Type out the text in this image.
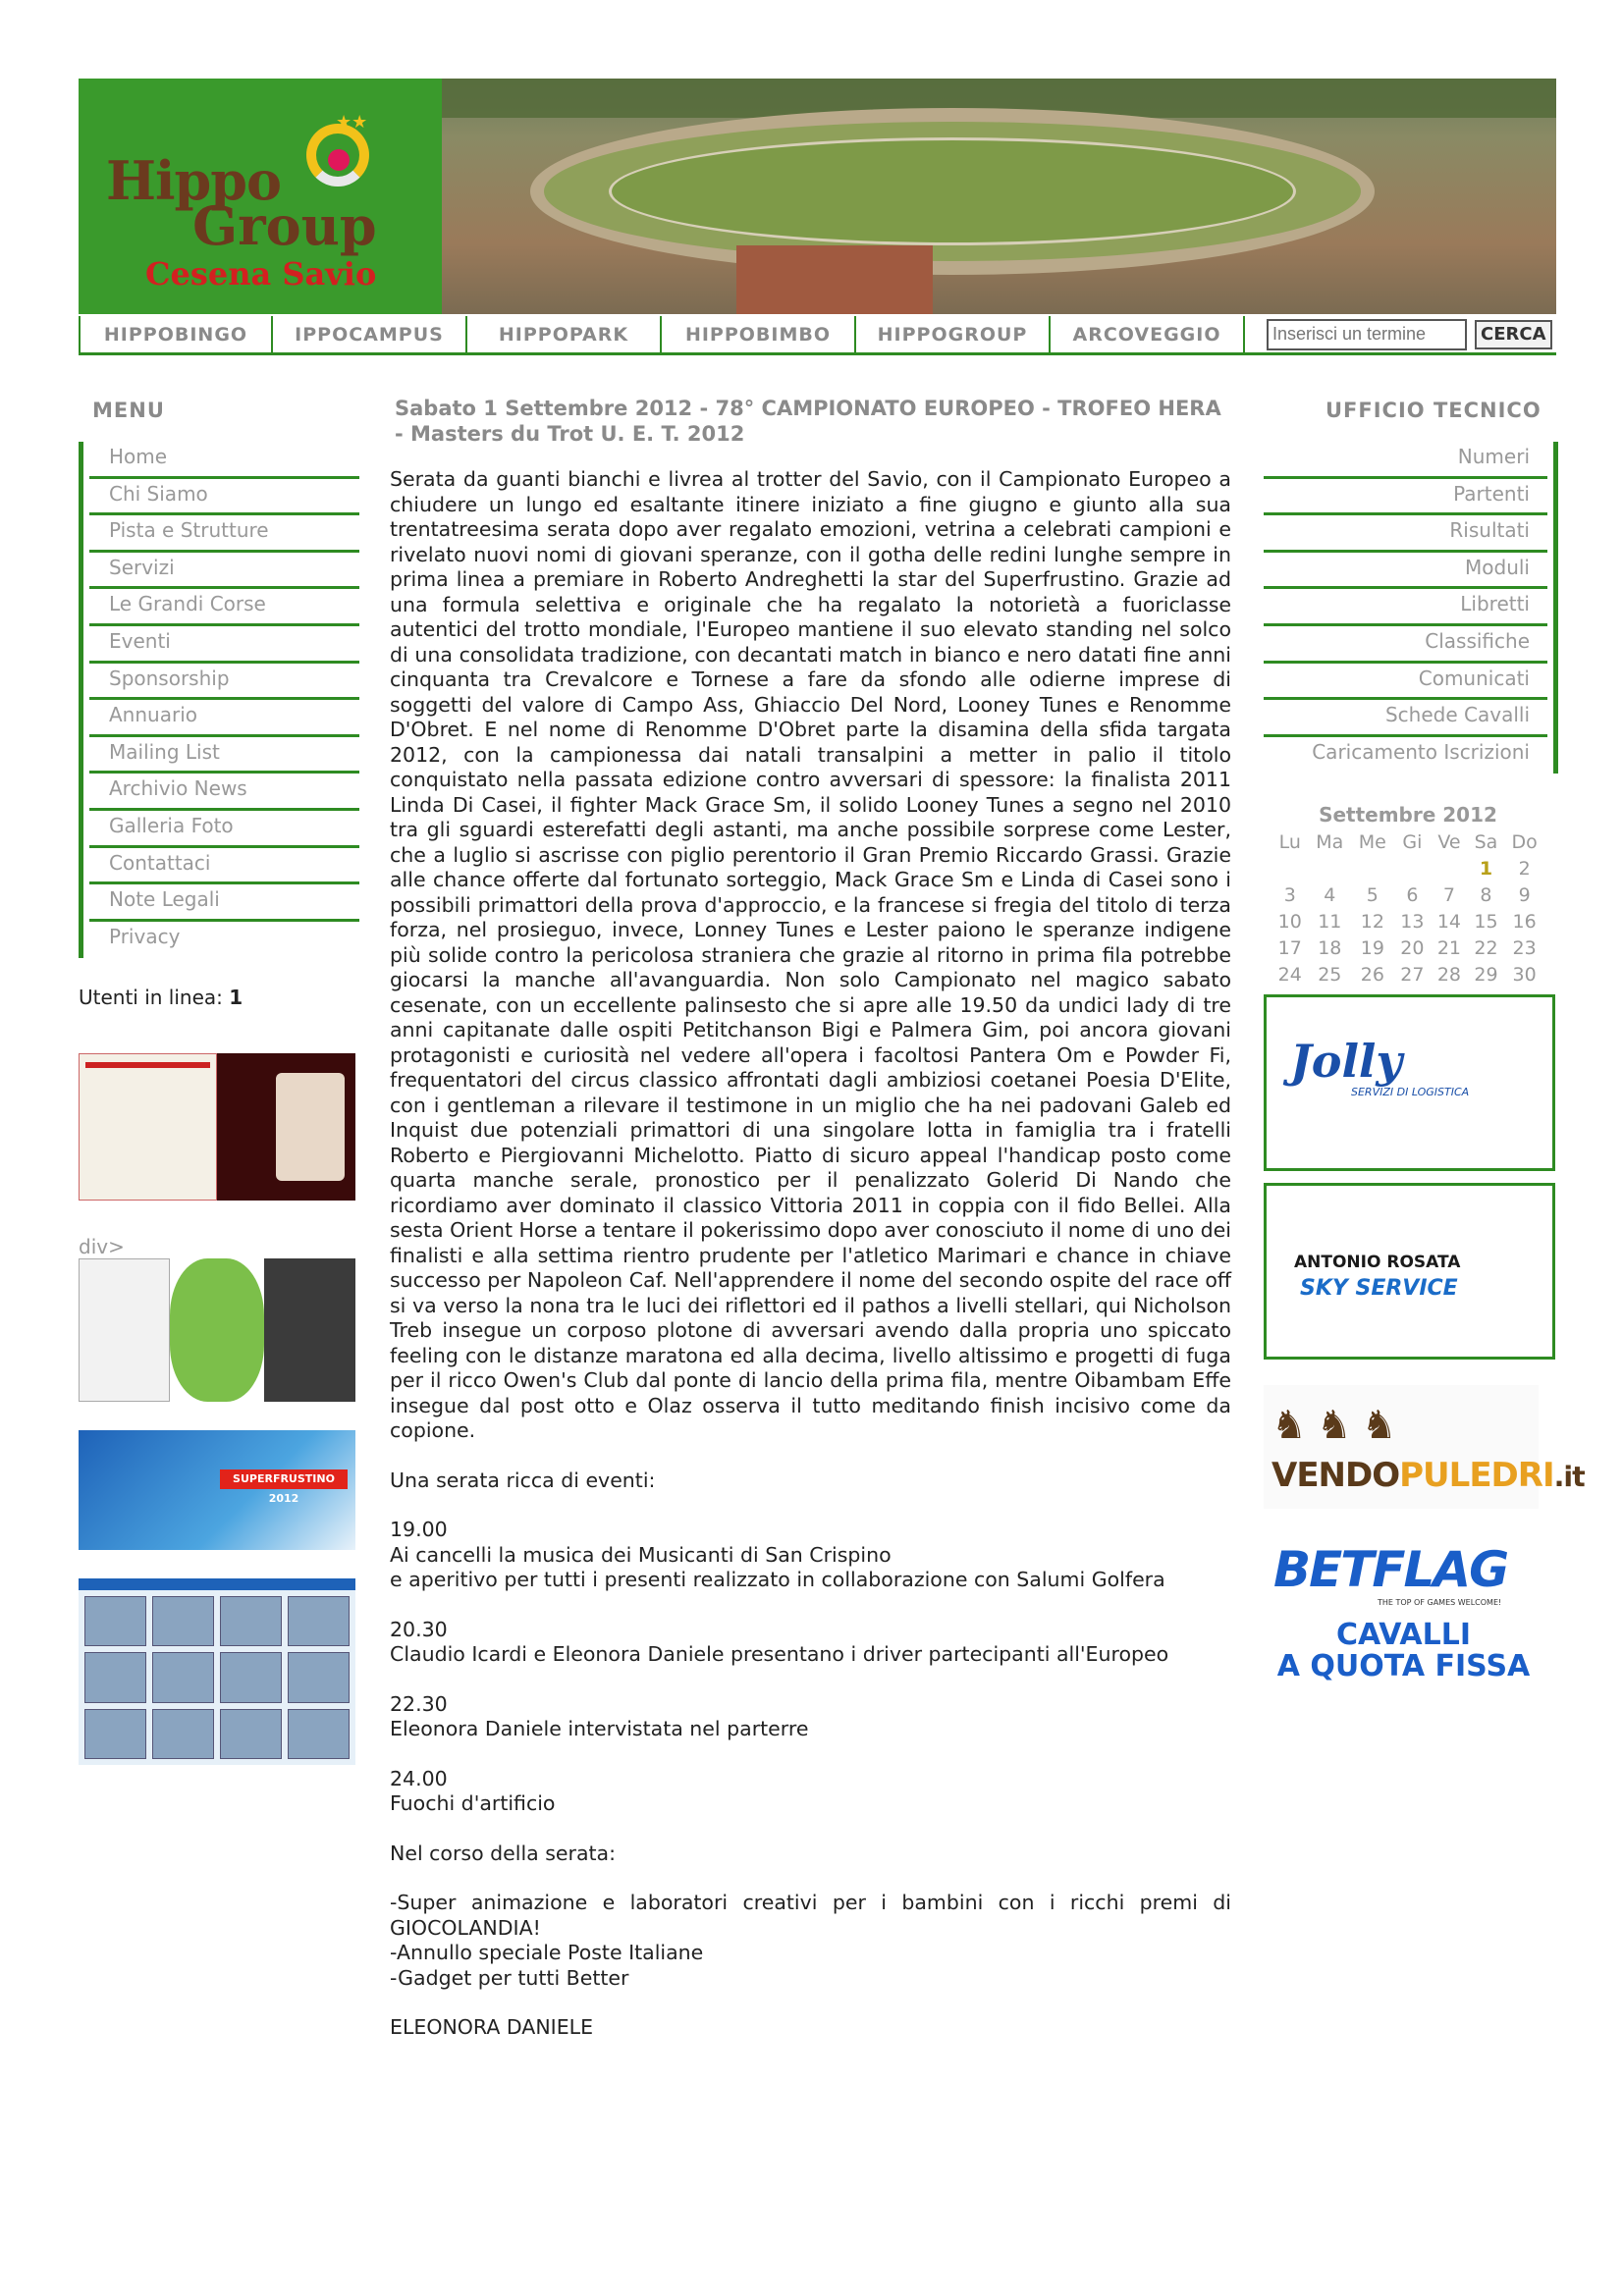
★★
Hippo
Group
Cesena Savio
HIPPOBINGO	IPPOCAMPUS	HIPPOPARK	HIPPOBIMBO	HIPPOGROUP	ARCOVEGGIO
Inserisci un termine	CERCA
MENU
Home
Chi Siamo
Pista e Strutture
Servizi
Le Grandi Corse
Eventi
Sponsorship
Annuario
Mailing List
Archivio News
Galleria Foto
Contattaci
Note Legali
Privacy
Utenti in linea: 1
div>
SUPERFRUSTINO 2012
Sabato 1 Settembre 2012 - 78° CAMPIONATO EUROPEO - TROFEO HERA - Masters du Trot U. E. T. 2012

Serata da guanti bianchi e livrea al trotter del Savio, con il Campionato Europeo a chiudere un lungo ed esaltante itinere iniziato a fine giugno e giunto alla sua trentatreesima serata dopo aver regalato emozioni, vetrina a celebrati campioni e rivelato nuovi nomi di giovani speranze, con il gotha delle redini lunghe sempre in prima linea a premiare in Roberto Andreghetti la star del Superfrustino. Grazie ad una formula selettiva e originale che ha regalato la notorietà a fuoriclasse autentici del trotto mondiale, l'Europeo mantiene il suo elevato standing nel solco di una consolidata tradizione, con decantati match in bianco e nero datati fine anni cinquanta tra Crevalcore e Tornese a fare da sfondo alle odierne imprese di soggetti del valore di Campo Ass, Ghiaccio Del Nord, Looney Tunes e Renomme D'Obret. E nel nome di Renomme D'Obret parte la disamina della sfida targata 2012, con la campionessa dai natali transalpini a metter in palio il titolo conquistato nella passata edizione contro avversari di spessore: la finalista 2011 Linda Di Casei, il fighter Mack Grace Sm, il solido Looney Tunes a segno nel 2010 tra gli sguardi esterefatti degli astanti, ma anche possibile sorprese come Lester, che a luglio si ascrisse con piglio perentorio il Gran Premio Riccardo Grassi. Grazie alle chance offerte dal fortunato sorteggio, Mack Grace Sm e Linda di Casei sono i possibili primattori della prova d'approccio, e la francese si fregia del titolo di terza forza, nel prosieguo, invece, Lonney Tunes e Lester paiono le speranze indigene più solide contro la pericolosa straniera che grazie al ritorno in prima fila potrebbe giocarsi la manche all'avanguardia. Non solo Campionato nel magico sabato cesenate, con un eccellente palinsesto che si apre alle 19.50 da undici lady di tre anni capitanate dalle ospiti Petitchanson Bigi e Palmera Gim, poi ancora giovani protagonisti e curiosità nel vedere all'opera i facoltosi Pantera Om e Powder Fi, frequentatori del circus classico affrontati dagli ambiziosi coetanei Poesia D'Elite, con i gentleman a rilevare il testimone in un miglio che ha nei padovani Galeb ed Inquist due potenziali primattori di una singolare lotta in famiglia tra i fratelli Roberto e Piergiovanni Michelotto. Piatto di sicuro appeal l'handicap posto come quarta manche serale, pronostico per il penalizzato Golerid Di Nando che ricordiamo aver dominato il classico Vittoria 2011 in coppia con il fido Bellei. Alla sesta Orient Horse a tentare il pokerissimo dopo aver conosciuto il nome di uno dei finalisti e alla settima rientro prudente per l'atletico Marimari e chance in chiave successo per Napoleon Caf. Nell'apprendere il nome del secondo ospite del race off si va verso la nona tra le luci dei riflettori ed il pathos a livelli stellari, qui Nicholson Treb insegue un corposo plotone di avversari avendo dalla propria uno spiccato feeling con le distanze maratona ed alla decima, livello altissimo e progetti di fuga per il ricco Owen's Club dal ponte di lancio della prima fila, mentre Oibambam Effe insegue dal post otto e Olaz osserva il tutto meditando finish incisivo come da copione.

Una serata ricca di eventi:

19.00
Ai cancelli la musica dei Musicanti di San Crispino
e aperitivo per tutti i presenti realizzato in collaborazione con Salumi Golfera

20.30
Claudio Icardi e Eleonora Daniele presentano i driver partecipanti all'Europeo

22.30
Eleonora Daniele intervistata nel parterre

24.00
Fuochi d'artificio

Nel corso della serata:

-Super animazione e laboratori creativi per i bambini con i ricchi premi di GIOCOLANDIA!
-Annullo speciale Poste Italiane
-Gadget per tutti Better

ELEONORA DANIELE

UFFICIO TECNICO
Numeri
Partenti
Risultati
Moduli
Libretti
Classifiche
Comunicati
Schede Cavalli
Caricamento Iscrizioni
Settembre 2012
Lu	Ma	Me	Gi	Ve	Sa	Do
					1	2
3	4	5	6	7	8	9
10	11	12	13	14	15	16
17	18	19	20	21	22	23
24	25	26	27	28	29	30
Jolly
SERVIZI DI LOGISTICA
ANTONIO ROSATA
SKY SERVICE
♞♞♞
VENDOPULEDRI.it
BETFLAG
THE TOP OF GAMES WELCOME!
CAVALLI
A QUOTA FISSA
